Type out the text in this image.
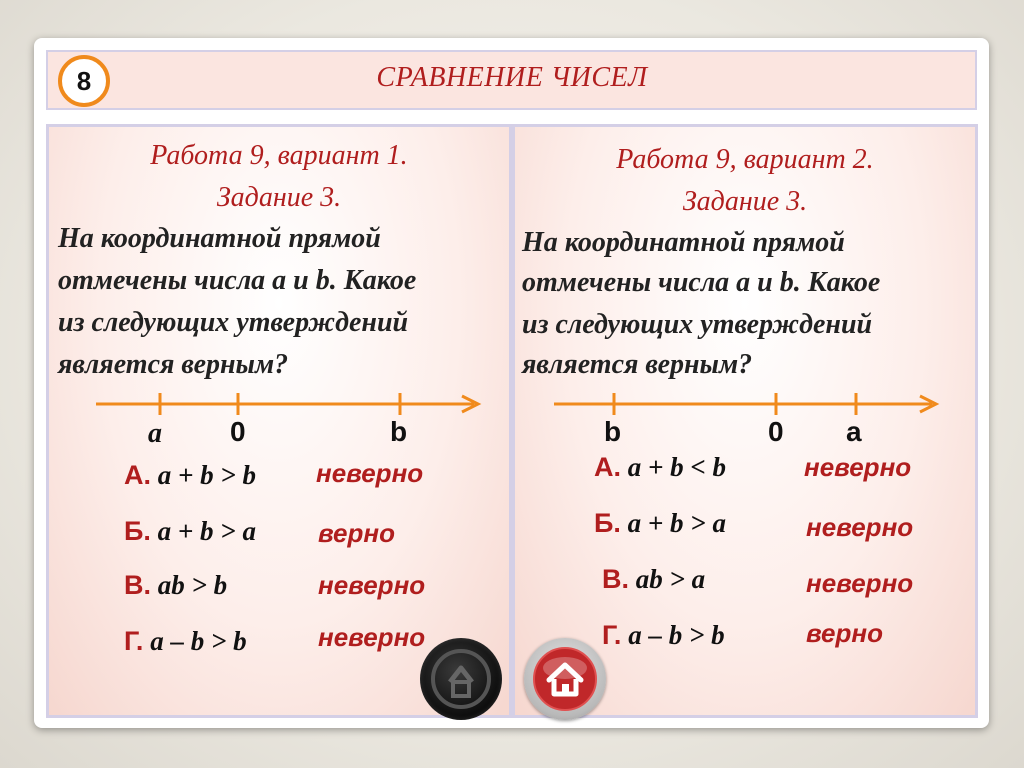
8	СРАВНЕНИЕ ЧИСЕЛ
Работа 9, вариант 1.
Задание 3.
На координатной прямой
отмечены числа a и b. Какое
из следующих утверждений
является верным?
a 0	b
А. a + b > b неверно
Б. a + b > a верно
В. ab > b	неверно
Г. a – b > b	неверно
Работа 9, вариант 2.
Задание 3.
На координатной прямой
отмечены числа a и b. Какое
из следующих утверждений
является верным?
b	0 a
А. a + b < b	неверно
Б. a + b > a	неверно
В. ab > a	неверно
Г. a – b > b	верно
